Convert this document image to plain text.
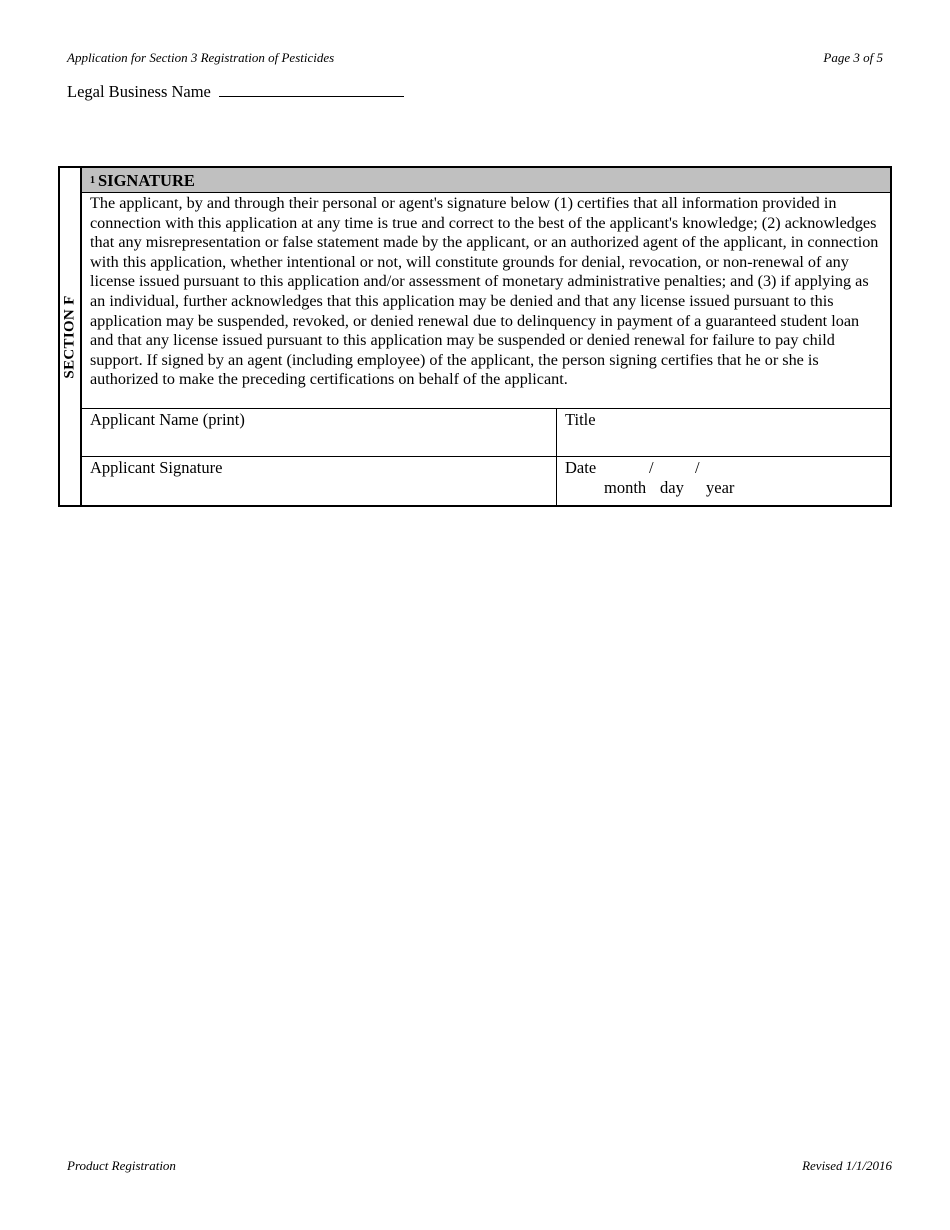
Application for Section 3 Registration of Pesticides	Page 3 of 5
Legal Business Name
SECTION F
$^1$ SIGNATURE
The applicant, by and through their personal or agent's signature below (1) certifies that all information provided in connection with this application at any time is true and correct to the best of the applicant's knowledge; (2) acknowledges that any misrepresentation or false statement made by the applicant, or an authorized agent of the applicant, in connection with this application, whether intentional or not, will constitute grounds for denial, revocation, or non-renewal of any license issued pursuant to this application and/or assessment of monetary administrative penalties; and (3) if applying as an individual, further acknowledges that this application may be denied and that any license issued pursuant to this application may be suspended, revoked, or denied renewal due to delinquency in payment of a guaranteed student loan and that any license issued pursuant to this application may be suspended or denied renewal for failure to pay child support. If signed by an agent (including employee) of the applicant, the person signing certifies that he or she is authorized to make the preceding certifications on behalf of the applicant.
Applicant Name (print)	Title
Applicant Signature	Date	/	/
month day year
Product Registration	Revised 1/1/2016
